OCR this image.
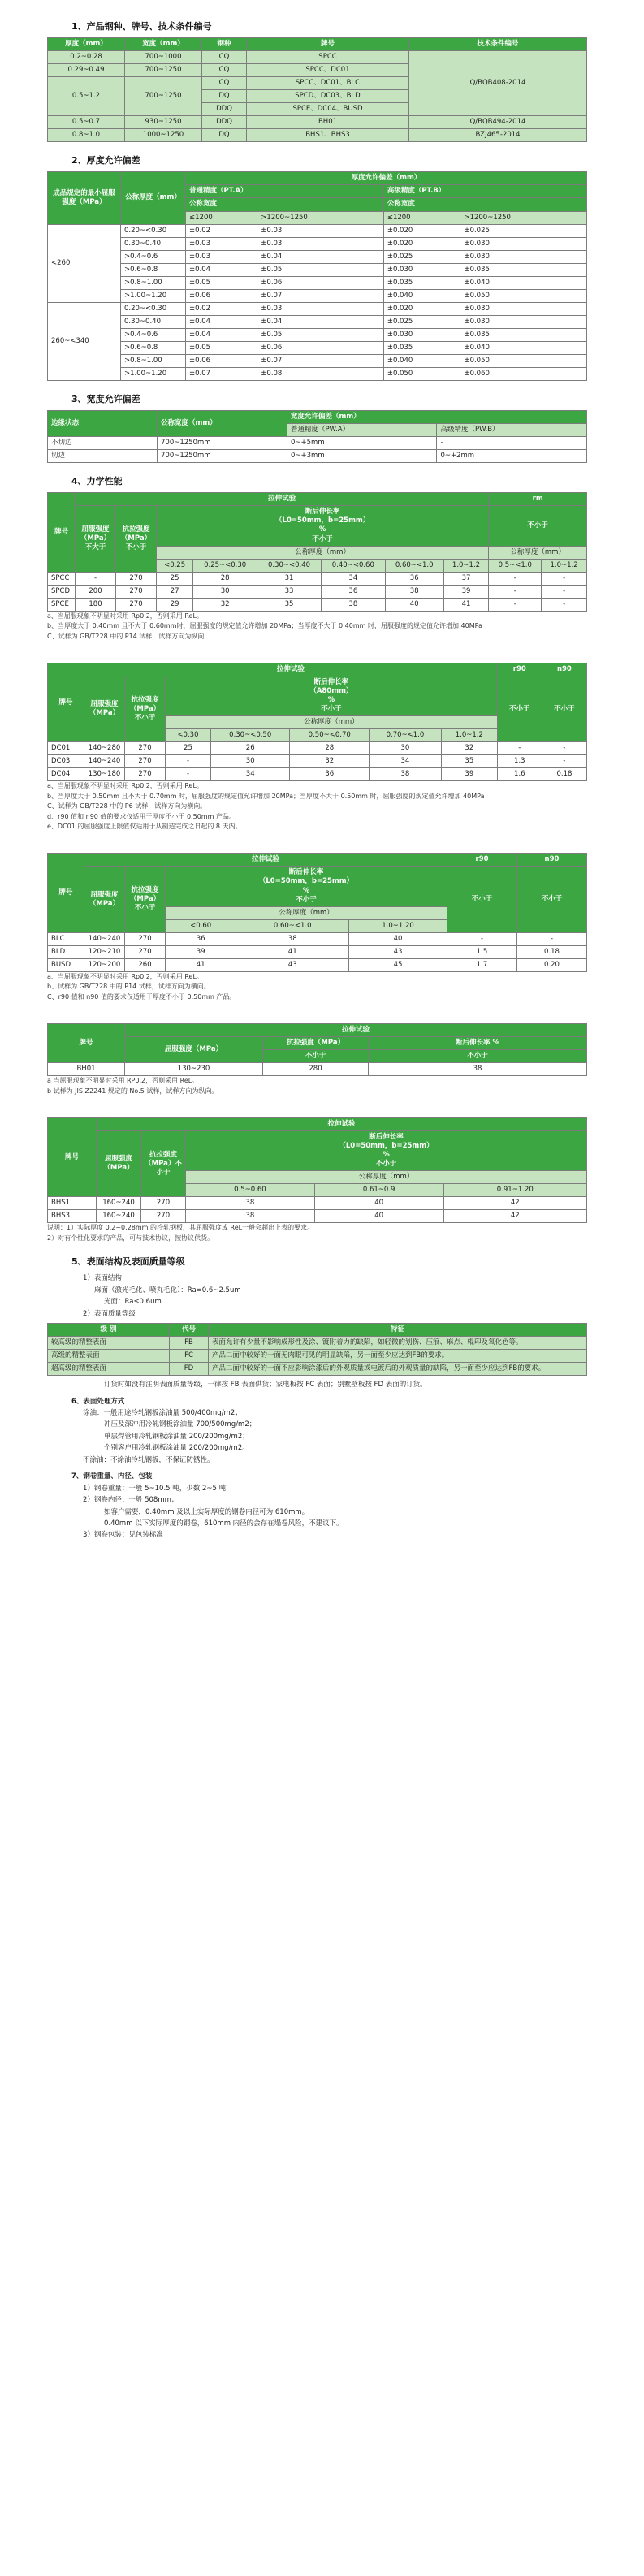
1、产品钢种、牌号、技术条件编号
厚度（mm）	宽度（mm）	钢种	牌号	技术条件编号
0.2~0.28	700~1000	CQ	SPCC	Q/BQB408-2014
0.29~0.49	700~1250	CQ	SPCC、DC01	
0.5~1.2	700~1250	CQ	SPCC、DC01、BLC	
		DQ	SPCD、DC03、BLD	
		DDQ	SPCE、DC04、BUSD	
0.5~0.7	930~1250	DDQ	BH01	Q/BQB494-2014
0.8~1.0	1000~1250	DQ	BHS1、BHS3	BZJ465-2014
2、厚度允许偏差
成品规定的最小屈服强度（MPa）	公称厚度（mm）	厚度允许偏差（mm）			
		普通精度（PT.A）		高级精度（PT.B）	
		公称宽度		公称宽度	
		≤1200	>1200~1250	≤1200	>1200~1250
<260	0.20~<0.30	±0.02	±0.03	±0.020	±0.025
	0.30~0.40	±0.03	±0.03	±0.020	±0.030
	>0.4~0.6	±0.03	±0.04	±0.025	±0.030
	>0.6~0.8	±0.04	±0.05	±0.030	±0.035
	>0.8~1.00	±0.05	±0.06	±0.035	±0.040
	>1.00~1.20	±0.06	±0.07	±0.040	±0.050
260~<340	0.20~<0.30	±0.02	±0.03	±0.020	±0.030
	0.30~0.40	±0.04	±0.04	±0.025	±0.030
	>0.4~0.6	±0.04	±0.05	±0.030	±0.035
	>0.6~0.8	±0.05	±0.06	±0.035	±0.040
	>0.8~1.00	±0.06	±0.07	±0.040	±0.050
	>1.00~1.20	±0.07	±0.08	±0.050	±0.060
3、宽度允许偏差
边缘状态	公称宽度（mm）	宽度允许偏差（mm）	
		普通精度（PW.A）	高级精度（PW.B）
不切边	700~1250mm	0~+5mm	-
切边	700~1250mm	0~+3mm	0~+2mm
4、力学性能
牌号	拉伸试验								rm	
	屈服强度（MPa）不大于	抗拉强度（MPa）不小于	断后伸长率
（L0=50mm，b=25mm）
%
不小于						不小于	
			公称厚度（mm）						公称厚度（mm）	
			<0.25	0.25~<0.30	0.30~<0.40	0.40~<0.60	0.60~<1.0	1.0~1.2	0.5~<1.0	1.0~1.2

SPCC	-	270	25	28	31	34	36	37	-	-
SPCD	200	270	27	30	33	36	38	39	-	-
SPCE	180	270	29	32	35	38	40	41	-	-
a、当屈服现象不明显时采用 Rp0.2，否则采用 ReL。
b、当厚度大于 0.40mm 且不大于 0.60mm时，屈服强度的规定值允许增加 20MPa；当厚度不大于 0.40mm 时，屈服强度的规定值允许增加 40MPa
C、试样为 GB/T228 中的 P14 试样，试样方向为纵向
牌号	拉伸试验							r90	n90
	屈服强度（MPa）	抗拉强度（MPa）不小于	断后伸长率
（A80mm）
%
不小于					不小于	不小于
			公称厚度（mm）						
			<0.30	0.30~<0.50	0.50~<0.70	0.70~<1.0	1.0~1.2		

DC01	140~280	270	25	26	28	30	32	-	-
DC03	140~240	270	-	30	32	34	35	1.3	-
DC04	130~180	270	-	34	36	38	39	1.6	0.18
a、当屈服现象不明显时采用 Rp0.2，否则采用 ReL。
b、当厚度大于 0.50mm 且不大于 0.70mm 时，屈服强度的规定值允许增加 20MPa；当厚度不大于 0.50mm 时，屈服强度的规定值允许增加 40MPa
C、试样为 GB/T228 中的 P6 试样，试样方向为横向。
d、r90 值和 n90 值的要求仅适用于厚度不小于 0.50mm 产品。
e、DC01 的屈服强度上限值仅适用于从制造完成之日起的 8 天内。
牌号	拉伸试验					r90	n90
	屈服强度（MPa）	抗拉强度（MPa）不小于	断后伸长率
（L0=50mm，b=25mm）
%
不小于			不小于	不小于
			公称厚度（mm）				
			<0.60	0.60~<1.0	1.0~1.20		
BLC	140~240	270	36	38	40	-	-
BLD	120~210	270	39	41	43	1.5	0.18
BUSD	120~200	260	41	43	45	1.7	0.20
a、当屈服现象不明显时采用 Rp0.2，否则采用 ReL。
b、试样为 GB/T228 中的 P14 试样，试样方向为横向。
C、r90 值和 n90 值的要求仅适用于厚度不小于 0.50mm 产品。
牌号	拉伸试验		
	屈服强度（MPa）	抗拉强度（MPa）	断后伸长率 %
		不小于	不小于
BH01	130~230	280	38
a 当屈服现象不明显时采用 RP0.2，否则采用 ReL。
b 试样为 JIS Z2241 规定的 No.5 试样，试样方向为纵向。
牌号	拉伸试验				
	屈服强度（MPa）	抗拉强度（MPa）不小于	断后伸长率
（L0=50mm，b=25mm）
%
不小于		

			公称厚度（mm）		
			0.5~0.60	0.61~0.9	0.91~1.20
BHS1	160~240	270	38	40	42
BHS3	160~240	270	38	40	42
说明：1）实际厚度 0.2~0.28mm 的冷轧钢板，其屈服强度或 ReL一般会超出上表的要求。
2）对有个性化要求的产品，可与技术协议，按协议供货。
5、表面结构及表面质量等级
1）表面结构
麻面（激光毛化、喷丸毛化）：Ra=0.6~2.5um
光面：Ra≤0.6um
2）表面质量等级
级 别	代号	特征
较高级的精整表面	FB	表面允许有少量不影响成形性及涂、镀附着力的缺陷，如轻微的划伤、压痕、麻点、辊印及氧化色等。
高级的精整表面	FC	产品二面中较好的一面无肉眼可见的明显缺陷，另一面至少应达到FB的要求。
超高级的精整表面	FD	产品二面中较好的一面不应影响涂漆后的外观质量或电镀后的外观质量的缺陷，另一面至少应达到FB的要求。
订货时如没有注明表面质量等级，一律按 FB 表面供货；家电板按 FC 表面；别墅壁板按 FD 表面的订货。
6、表面处理方式
涂油：一般用途冷轧钢板涂油量 500/400mg/m2；
冲压及深冲用冷轧钢板涂油量 700/500mg/m2；
单层焊管用冷轧钢板涂油量 200/200mg/m2；
个别客户用冷轧钢板涂油量 200/200mg/m2。
不涂油：不涂油冷轧钢板，不保证防锈性。
7、钢卷重量、内径、包装
1）钢卷重量：一般 5~10.5 吨，少数 2~5 吨
2）钢卷内径：一般 508mm；
如客户需要，0.40mm 及以上实际厚度的钢卷内径可为 610mm。
0.40mm 以下实际厚度的钢卷，610mm 内径的会存在塌卷风险，不建议下。
3）钢卷包装：见包装标准
